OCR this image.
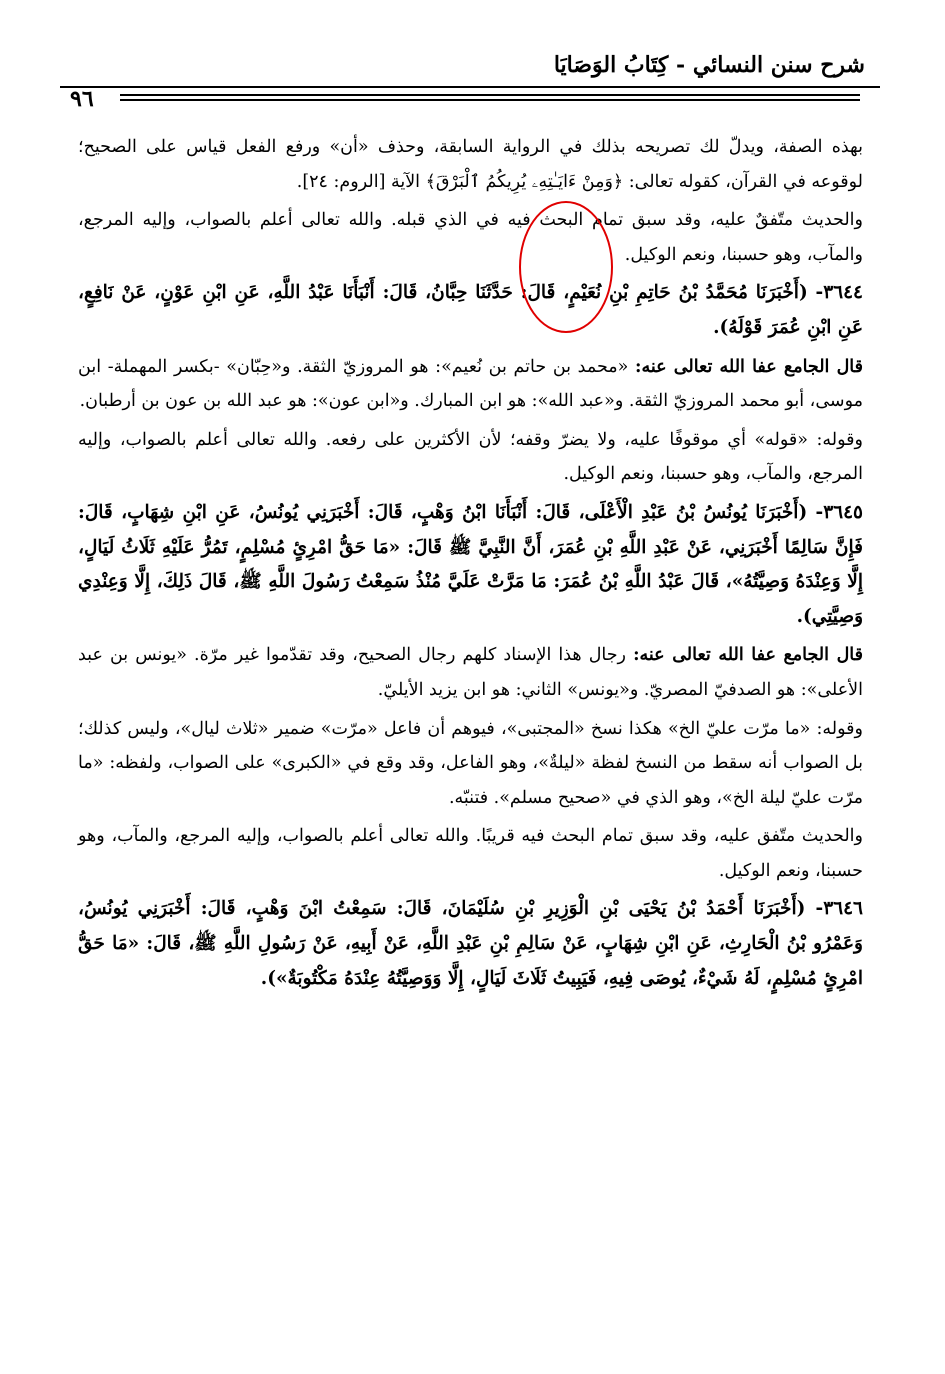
شرح سنن النسائي - كِتَابُ الوَصَايَا
٩٦

بهذه الصفة، ويدلّ لك تصريحه بذلك في الرواية السابقة، وحذف «أن» ورفع الفعل قياس على الصحيح؛ لوقوعه في القرآن، كقوله تعالى: ﴿وَمِنْ ءَايَـٰتِهِۦ يُرِيكُمُ ٱلْبَرْقَ﴾ الآية [الروم: ٢٤].

والحديث متّفقٌ عليه، وقد سبق تمام البحث فيه في الذي قبله. والله تعالى أعلم بالصواب، وإليه المرجع، والمآب، وهو حسبنا، ونعم الوكيل.

٣٦٤٤- (أَخْبَرَنَا مُحَمَّدُ بْنُ حَاتِمِ بْنِ نُعَيْمٍ، قَالَ: حَدَّثَنَا حِبَّانُ، قَالَ: أَنْبَأَنَا عَبْدُ اللَّهِ، عَنِ ابْنِ عَوْنٍ، عَنْ نَافِعٍ، عَنِ ابْنِ عُمَرَ قَوْلَهُ).

قال الجامع عفا الله تعالى عنه: «محمد بن حاتم بن نُعيم»: هو المروزيّ الثقة. و«حِبّان» -بكسر المهملة- ابن موسى، أبو محمد المروزيّ الثقة. و«عبد الله»: هو ابن المبارك. و«ابن عون»: هو عبد الله بن عون بن أرطبان.

وقوله: «قوله» أي موقوفًا عليه، ولا يضرّ وقفه؛ لأن الأكثرين على رفعه. والله تعالى أعلم بالصواب، وإليه المرجع، والمآب، وهو حسبنا، ونعم الوكيل.

٣٦٤٥- (أَخْبَرَنَا يُونُسُ بْنُ عَبْدِ الْأَعْلَى، قَالَ: أَنْبَأَنَا ابْنُ وَهْبٍ، قَالَ: أَخْبَرَنِي يُونُسُ، عَنِ ابْنِ شِهَابٍ، قَالَ: فَإِنَّ سَالِمًا أَخْبَرَنِي، عَنْ عَبْدِ اللَّهِ بْنِ عُمَرَ، أَنَّ النَّبِيَّ ﷺ قَالَ: «مَا حَقُّ امْرِئٍ مُسْلِمٍ، تَمُرُّ عَلَيْهِ ثَلَاثُ لَيَالٍ، إِلَّا وَعِنْدَهُ وَصِيَّتُهُ»، قَالَ عَبْدُ اللَّهِ بْنُ عُمَرَ: مَا مَرَّتْ عَلَيَّ مُنْذُ سَمِعْتُ رَسُولَ اللَّهِ ﷺ، قَالَ ذَلِكَ، إِلَّا وَعِنْدِي وَصِيَّتِي).

قال الجامع عفا الله تعالى عنه: رجال هذا الإسناد كلهم رجال الصحيح، وقد تقدّموا غير مرّة. «يونس بن عبد الأعلى»: هو الصدفيّ المصريّ. و«يونس» الثاني: هو ابن يزيد الأيليّ.

وقوله: «ما مرّت عليّ الخ» هكذا نسخ «المجتبى»، فيوهم أن فاعل «مرّت» ضمير «ثلاث ليال»، وليس كذلك؛ بل الصواب أنه سقط من النسخ لفظة «ليلةٌ»، وهو الفاعل، وقد وقع في «الكبرى» على الصواب، ولفظه: «ما مرّت عليّ ليلة الخ»، وهو الذي في «صحيح مسلم». فتنبّه.

والحديث متّفق عليه، وقد سبق تمام البحث فيه قريبًا. والله تعالى أعلم بالصواب، وإليه المرجع، والمآب، وهو حسبنا، ونعم الوكيل.

٣٦٤٦- (أَخْبَرَنَا أَحْمَدُ بْنُ يَحْيَى بْنِ الْوَزِيرِ بْنِ سُلَيْمَانَ، قَالَ: سَمِعْتُ ابْنَ وَهْبٍ، قَالَ: أَخْبَرَنِي يُونُسُ، وَعَمْرُو بْنُ الْحَارِثِ، عَنِ ابْنِ شِهَابٍ، عَنْ سَالِمِ بْنِ عَبْدِ اللَّهِ، عَنْ أَبِيهِ، عَنْ رَسُولِ اللَّهِ ﷺ، قَالَ: «مَا حَقُّ امْرِئٍ مُسْلِمٍ، لَهُ شَيْءٌ، يُوصَى فِيهِ، فَيَبِيتُ ثَلَاثَ لَيَالٍ، إِلَّا وَوَصِيَّتُهُ عِنْدَهُ مَكْتُوبَةٌ»).
